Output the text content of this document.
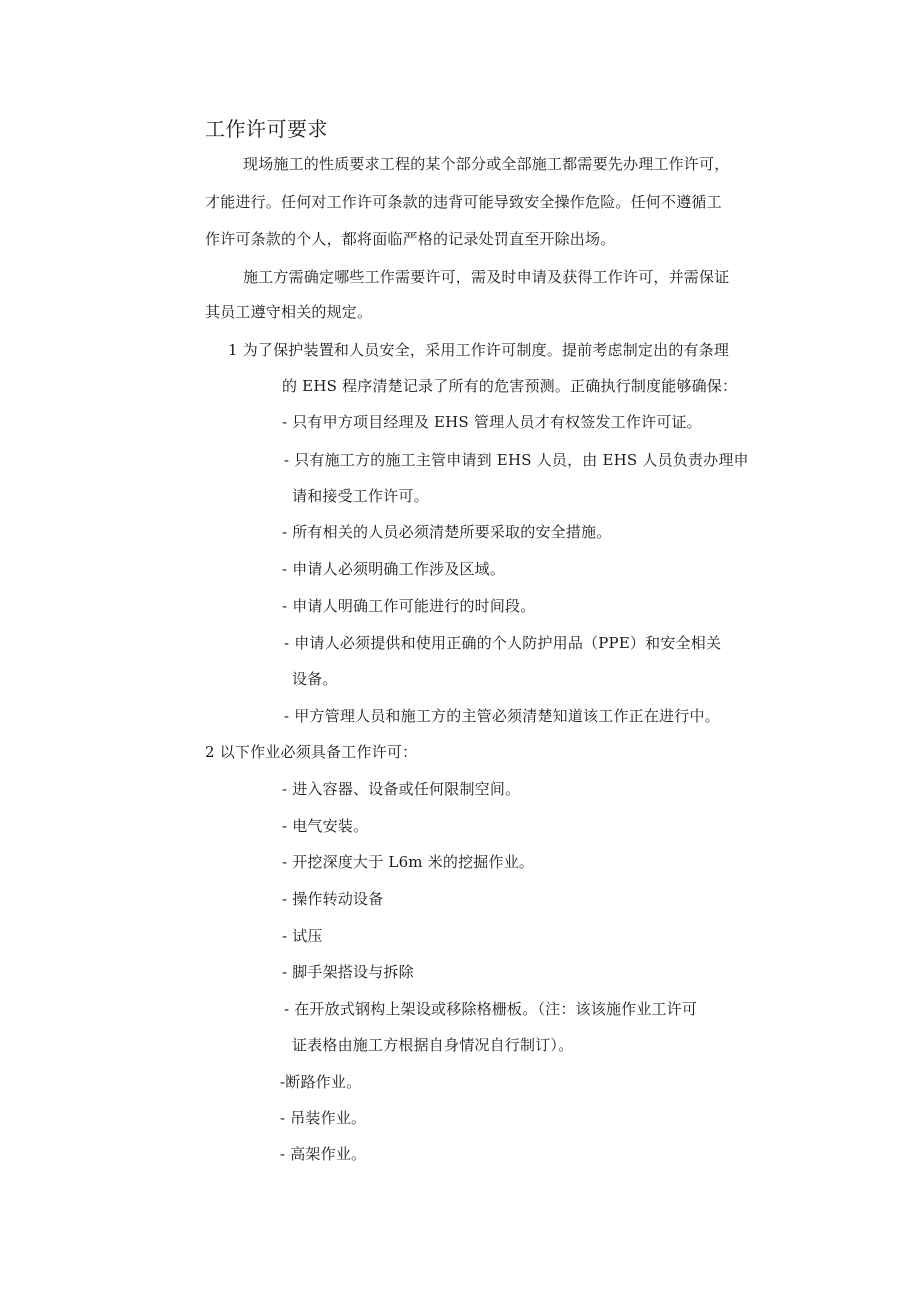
工作许可要求
现场施工的性质要求工程的某个部分或全部施工都需要先办理工作许可，
才能进行。任何对工作许可条款的违背可能导致安全操作危险。任何不遵循工
作许可条款的个人，都将面临严格的记录处罚直至开除出场。
施工方需确定哪些工作需要许可，需及时申请及获得工作许可，并需保证
其员工遵守相关的规定。
1 为了保护装置和人员安全，采用工作许可制度。提前考虑制定出的有条理
的 EHS 程序清楚记录了所有的危害预测。正确执行制度能够确保：
- 只有甲方项目经理及 EHS 管理人员才有权签发工作许可证。
- 只有施工方的施工主管申请到 EHS 人员，由 EHS 人员负责办理申
请和接受工作许可。
- 所有相关的人员必须清楚所要采取的安全措施。
- 申请人必须明确工作涉及区域。
- 申请人明确工作可能进行的时间段。
- 申请人必须提供和使用正确的个人防护用品（PPE）和安全相关
设备。
- 甲方管理人员和施工方的主管必须清楚知道该工作正在进行中。
2 以下作业必须具备工作许可：
- 进入容器、设备或任何限制空间。
- 电气安装。
- 开挖深度大于 L6m 米的挖掘作业。
- 操作转动设备
- 试压
- 脚手架搭设与拆除
- 在开放式钢构上架设或移除格栅板。（注：该该施作业工许可
证表格由施工方根据自身情况自行制订）。
-断路作业。
- 吊装作业。
- 高架作业。
